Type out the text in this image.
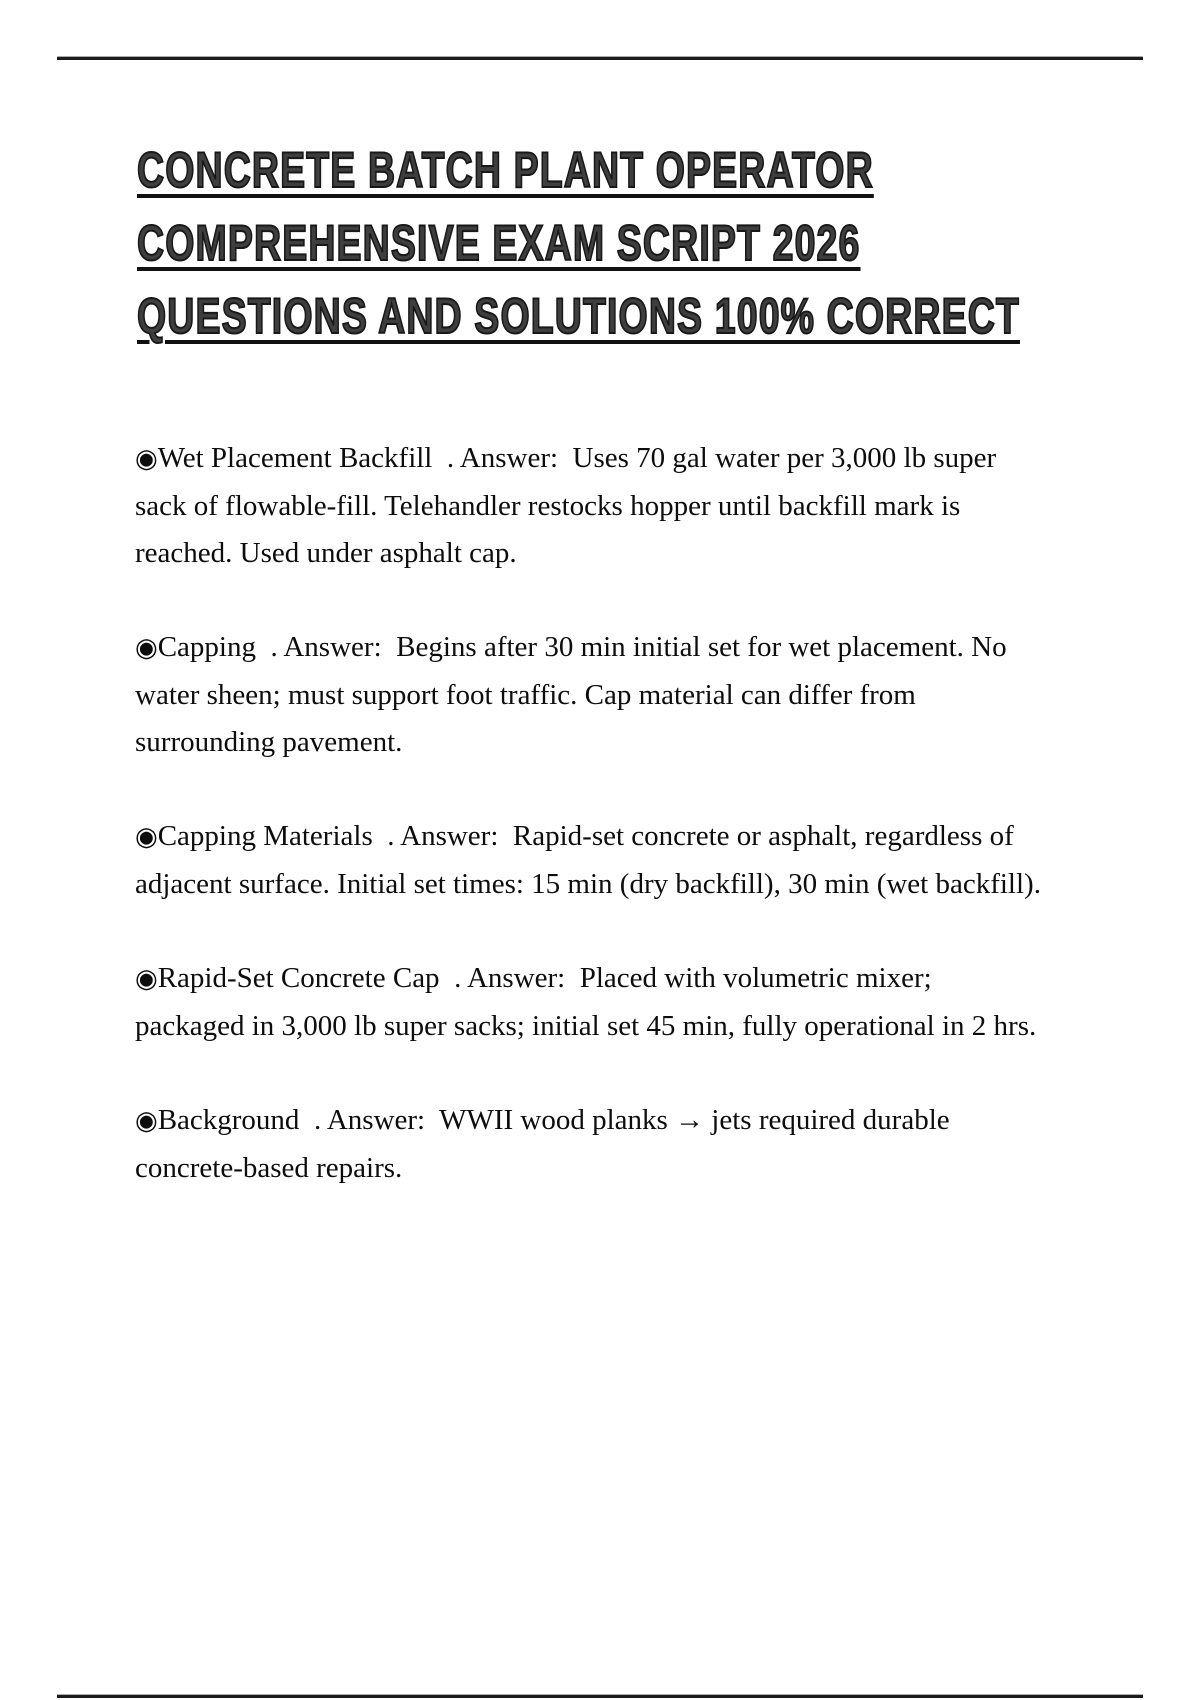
CONCRETE BATCH PLANT OPERATOR
COMPREHENSIVE EXAM SCRIPT 2026
QUESTIONS AND SOLUTIONS 100% CORRECT

◉Wet Placement Backfill  . Answer:  Uses 70 gal water per 3,000 lb super sack of flowable-fill. Telehandler restocks hopper until backfill mark is reached. Used under asphalt cap.

◉Capping  . Answer:  Begins after 30 min initial set for wet placement. No water sheen; must support foot traffic. Cap material can differ from surrounding pavement.

◉Capping Materials  . Answer:  Rapid-set concrete or asphalt, regardless of adjacent surface. Initial set times: 15 min (dry backfill), 30 min (wet backfill).

◉Rapid-Set Concrete Cap  . Answer:  Placed with volumetric mixer; packaged in 3,000 lb super sacks; initial set 45 min, fully operational in 2 hrs.

◉Background  . Answer:  WWII wood planks → jets required durable concrete-based repairs.
